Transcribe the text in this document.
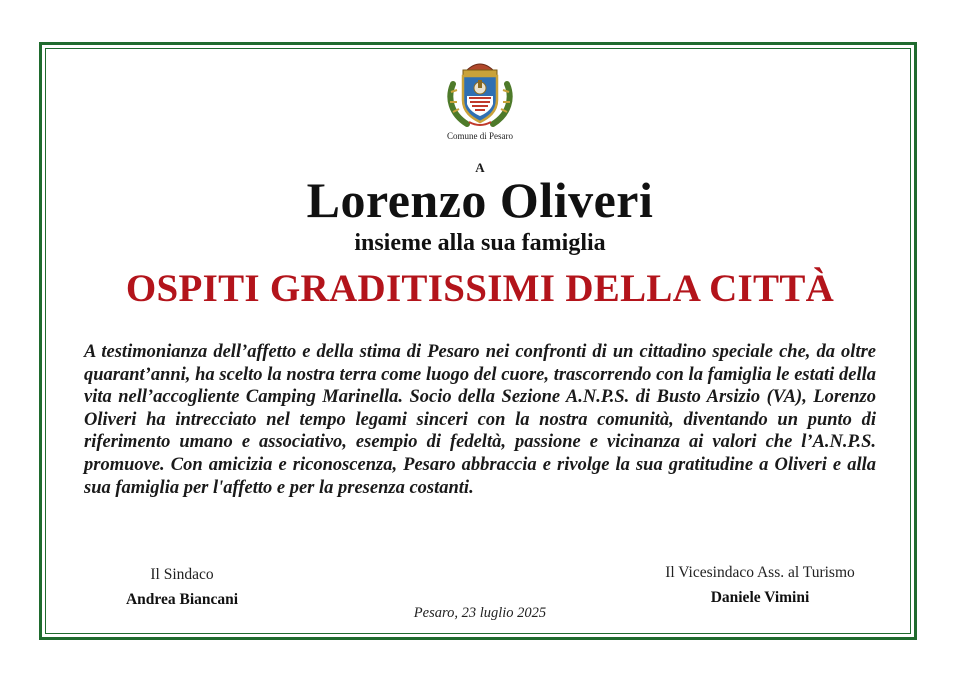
Comune di Pesaro
A
Lorenzo Oliveri
insieme alla sua famiglia
OSPITI GRADITISSIMI DELLA CITTÀ
A testimonianza dell’affetto e della stima di Pesaro nei confronti di un cittadino speciale che, da oltre quarant’anni, ha scelto la nostra terra come luogo del cuore, trascorrendo con la famiglia le estati della vita nell’accogliente Camping Marinella. Socio della Sezione A.N.P.S. di Busto Arsizio (VA), Lorenzo Oliveri ha intrecciato nel tempo legami sinceri con la nostra comunità, diventando un punto di riferimento umano e associativo, esempio di fedeltà, passione e vicinanza ai valori che l’A.N.P.S. promuove. Con amicizia e riconoscenza, Pesaro abbraccia e rivolge la sua gratitudine a Oliveri e alla sua famiglia per l'affetto e per la presenza costanti.
Il Sindaco
Andrea Biancani
Il Vicesindaco Ass. al Turismo
Daniele Vimini
Pesaro, 23 luglio 2025
